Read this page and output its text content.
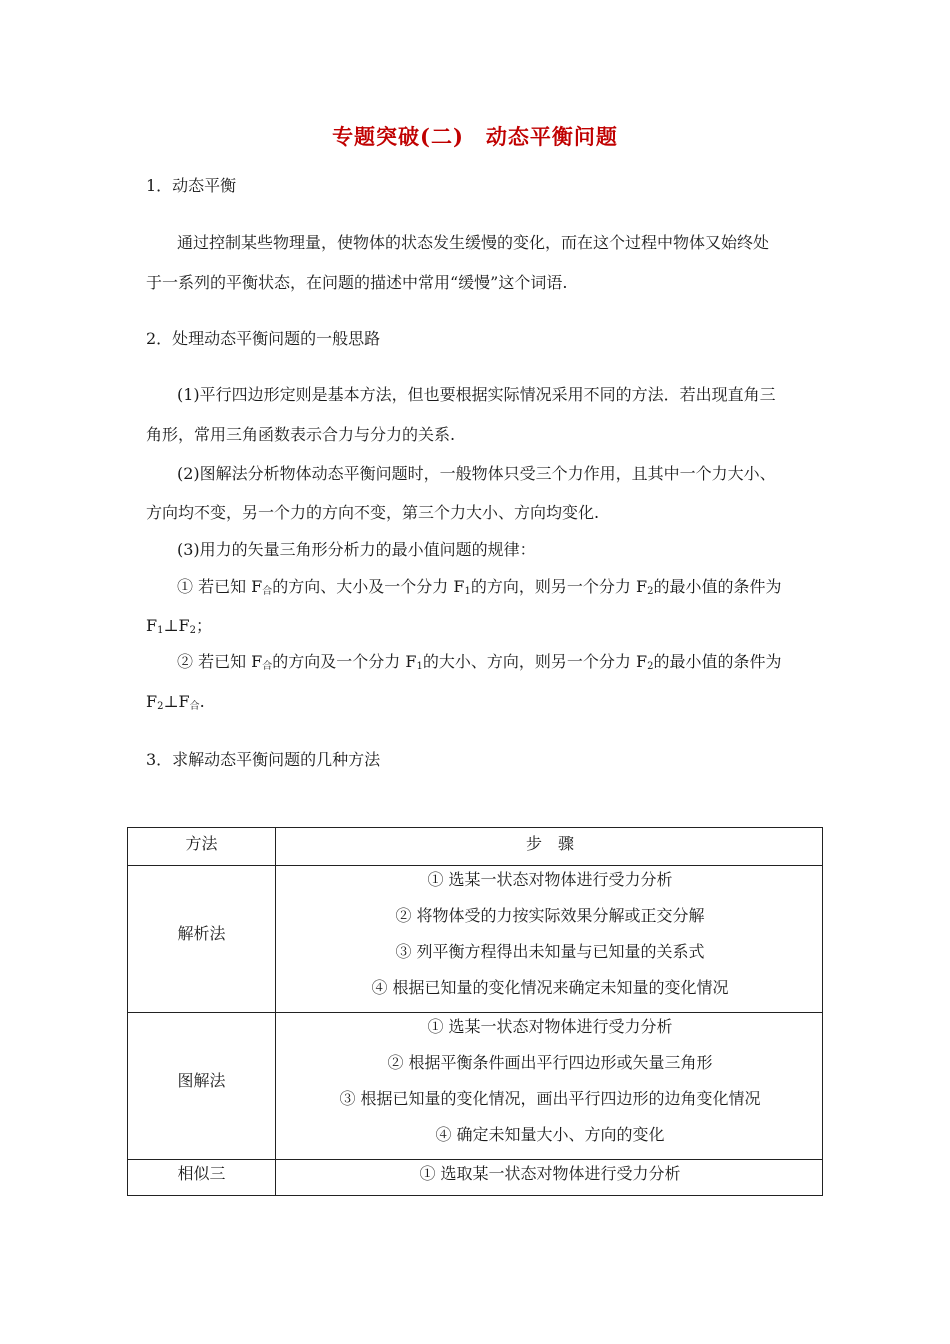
专题突破(二)　动态平衡问题
1．动态平衡
通过控制某些物理量，使物体的状态发生缓慢的变化，而在这个过程中物体又始终处
于一系列的平衡状态，在问题的描述中常用“缓慢”这个词语.
2．处理动态平衡问题的一般思路
(1)平行四边形定则是基本方法，但也要根据实际情况采用不同的方法．若出现直角三
角形，常用三角函数表示合力与分力的关系.
(2)图解法分析物体动态平衡问题时，一般物体只受三个力作用，且其中一个力大小、
方向均不变，另一个力的方向不变，第三个力大小、方向均变化.
(3)用力的矢量三角形分析力的最小值问题的规律：
① 若已知 $F_合$的方向、大小及一个分力 $F_1$的方向，则另一个分力 $F_2$的最小值的条件为
$F_1\perp F_2$；
② 若已知 $F_合$的方向及一个分力 $F_1$的大小、方向，则另一个分力 $F_2$的最小值的条件为
$F_2\perp F_合$.
3．求解动态平衡问题的几种方法
方法	步　骤
解析法
① 选某一状态对物体进行受力分析
② 将物体受的力按实际效果分解或正交分解
③ 列平衡方程得出未知量与已知量的关系式
④ 根据已知量的变化情况来确定未知量的变化情况
图解法
① 选某一状态对物体进行受力分析
② 根据平衡条件画出平行四边形或矢量三角形
③ 根据已知量的变化情况，画出平行四边形的边角变化情况
④ 确定未知量大小、方向的变化
相似三	① 选取某一状态对物体进行受力分析
